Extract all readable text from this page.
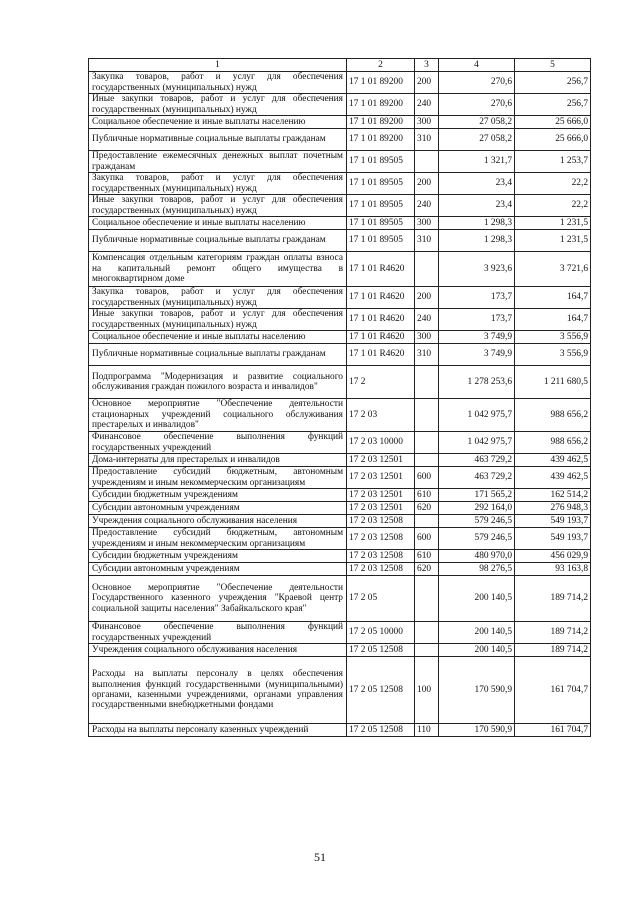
1	2	3	4	5
Закупка товаров, работ и услуг для обеспечения государственных (муниципальных) нужд	17 1 01 89200	200	270,6	256,7
Иные закупки товаров, работ и услуг для обеспечения государственных (муниципальных) нужд	17 1 01 89200	240	270,6	256,7
Социальное обеспечение и иные выплаты населению	17 1 01 89200	300	27 058,2	25 666,0
Публичные нормативные социальные выплаты гражданам	17 1 01 89200	310	27 058,2	25 666,0
Предоставление ежемесячных денежных выплат почетным гражданам	17 1 01 89505		1 321,7	1 253,7
Закупка товаров, работ и услуг для обеспечения государственных (муниципальных) нужд	17 1 01 89505	200	23,4	22,2
Иные закупки товаров, работ и услуг для обеспечения государственных (муниципальных) нужд	17 1 01 89505	240	23,4	22,2
Социальное обеспечение и иные выплаты населению	17 1 01 89505	300	1 298,3	1 231,5
Публичные нормативные социальные выплаты гражданам	17 1 01 89505	310	1 298,3	1 231,5
Компенсация отдельным категориям граждан оплаты взноса на капитальный ремонт общего имущества в многоквартирном доме	17 1 01 R4620		3 923,6	3 721,6
Закупка товаров, работ и услуг для обеспечения государственных (муниципальных) нужд	17 1 01 R4620	200	173,7	164,7
Иные закупки товаров, работ и услуг для обеспечения государственных (муниципальных) нужд	17 1 01 R4620	240	173,7	164,7
Социальное обеспечение и иные выплаты населению	17 1 01 R4620	300	3 749,9	3 556,9
Публичные нормативные социальные выплаты гражданам	17 1 01 R4620	310	3 749,9	3 556,9
Подпрограмма "Модернизация и развитие социального обслуживания граждан пожилого возраста и инвалидов"	17 2		1 278 253,6	1 211 680,5
Основное мероприятие "Обеспечение деятельности стационарных учреждений социального обслуживания престарелых и инвалидов"	17 2 03		1 042 975,7	988 656,2
Финансовое обеспечение выполнения функций государственных учреждений	17 2 03 10000		1 042 975,7	988 656,2
Дома-интернаты для престарелых и инвалидов	17 2 03 12501		463 729,2	439 462,5
Предоставление субсидий бюджетным, автономным учреждениям и иным некоммерческим организациям	17 2 03 12501	600	463 729,2	439 462,5
Субсидии бюджетным учреждениям	17 2 03 12501	610	171 565,2	162 514,2
Субсидии автономным учреждениям	17 2 03 12501	620	292 164,0	276 948,3
Учреждения социального обслуживания населения	17 2 03 12508		579 246,5	549 193,7
Предоставление субсидий бюджетным, автономным учреждениям и иным некоммерческим организациям	17 2 03 12508	600	579 246,5	549 193,7
Субсидии бюджетным учреждениям	17 2 03 12508	610	480 970,0	456 029,9
Субсидии автономным учреждениям	17 2 03 12508	620	98 276,5	93 163,8
Основное мероприятие "Обеспечение деятельности Государственного казенного учреждения "Краевой центр социальной защиты населения" Забайкальского края"	17 2 05		200 140,5	189 714,2
Финансовое обеспечение выполнения функций государственных учреждений	17 2 05 10000		200 140,5	189 714,2
Учреждения социального обслуживания населения	17 2 05 12508		200 140,5	189 714,2
Расходы на выплаты персоналу в целях обеспечения выполнения функций государственными (муниципальными) органами, казенными учреждениями, органами управления государственными внебюджетными фондами	17 2 05 12508	100	170 590,9	161 704,7
Расходы на выплаты персоналу казенных учреждений	17 2 05 12508	110	170 590,9	161 704,7
51
